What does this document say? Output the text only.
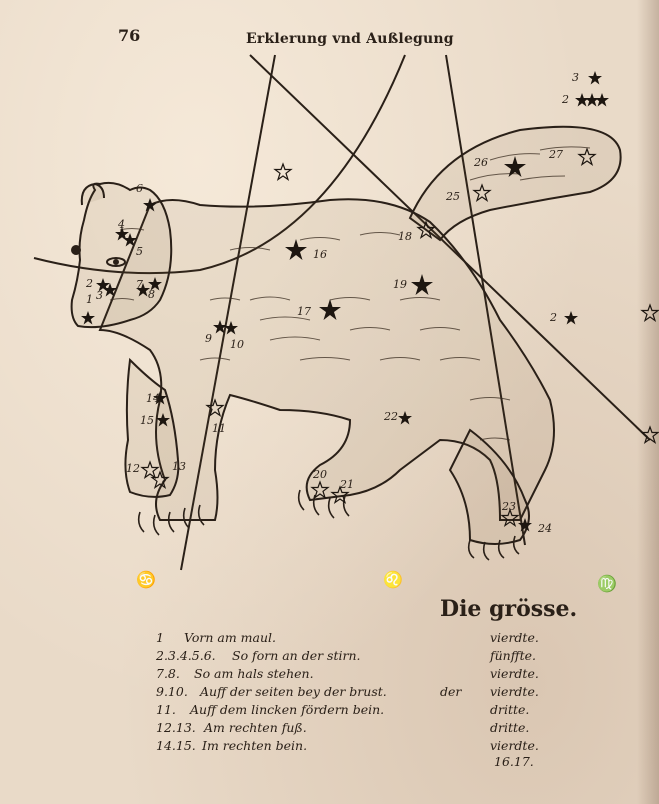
76	Erklerung vnd Außlegung
1
2
3
4
5
6
7
8
9 10
11
12	13
14
15
16
17
18
19
20
21
22
23
24
25
26
27
3
2
2
♋	♌	♍
Die grösse.
1 Vorn am maul.	vierdte.
2.3.4.5.6. So forn an der stirn.	fünffte.
7.8. So am hals stehen.	vierdte.
9.10. Auff der seiten bey der brust.	der vierdte.
11. Auff dem lincken fördern bein.	dritte.
12.13. Am rechten fuß.	dritte.
14.15. Im rechten bein.	vierdte.
16.17.
